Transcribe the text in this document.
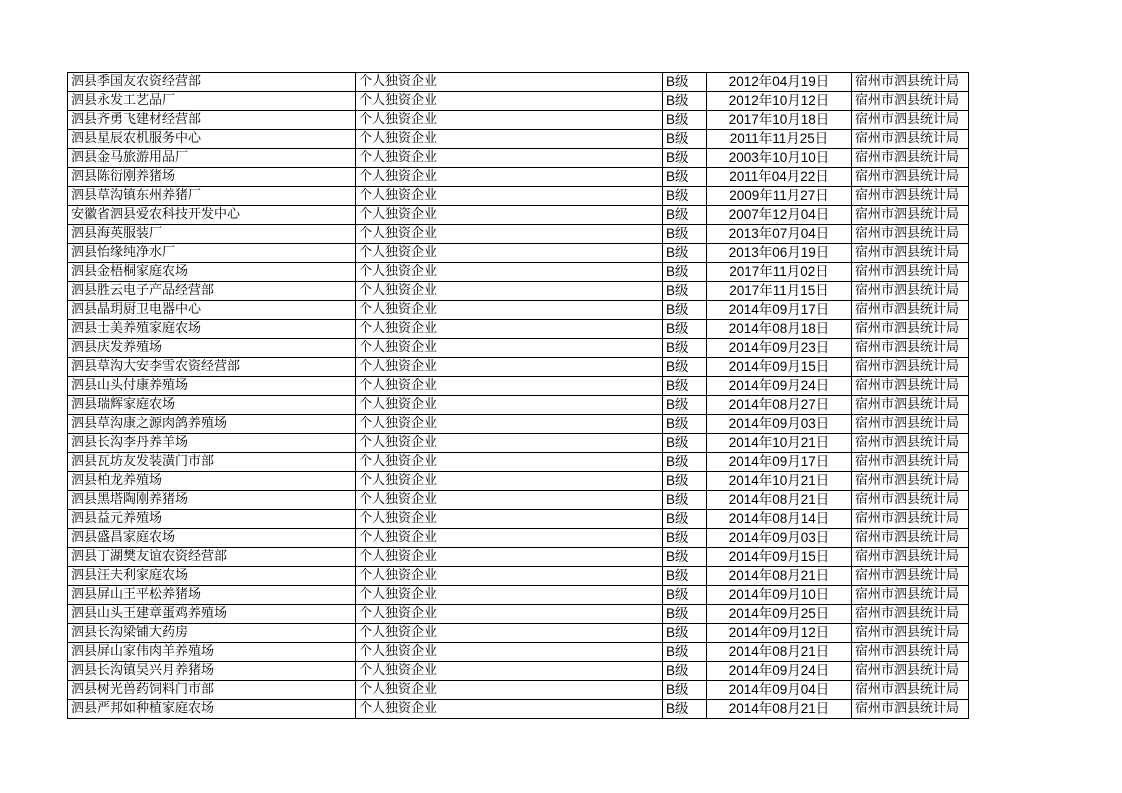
泗县季国友农资经营部	个人独资企业	B级	2012年04月19日	宿州市泗县统计局
泗县永发工艺品厂	个人独资企业	B级	2012年10月12日	宿州市泗县统计局
泗县齐勇飞建材经营部	个人独资企业	B级	2017年10月18日	宿州市泗县统计局
泗县星辰农机服务中心	个人独资企业	B级	2011年11月25日	宿州市泗县统计局
泗县金马旅游用品厂	个人独资企业	B级	2003年10月10日	宿州市泗县统计局
泗县陈衍刚养猪场	个人独资企业	B级	2011年04月22日	宿州市泗县统计局
泗县草沟镇东州养猪厂	个人独资企业	B级	2009年11月27日	宿州市泗县统计局
安徽省泗县爱农科技开发中心	个人独资企业	B级	2007年12月04日	宿州市泗县统计局
泗县海英服装厂	个人独资企业	B级	2013年07月04日	宿州市泗县统计局
泗县怡缘纯净水厂	个人独资企业	B级	2013年06月19日	宿州市泗县统计局
泗县金梧桐家庭农场	个人独资企业	B级	2017年11月02日	宿州市泗县统计局
泗县胜云电子产品经营部	个人独资企业	B级	2017年11月15日	宿州市泗县统计局
泗县晶玥厨卫电器中心	个人独资企业	B级	2014年09月17日	宿州市泗县统计局
泗县士美养殖家庭农场	个人独资企业	B级	2014年08月18日	宿州市泗县统计局
泗县庆发养殖场	个人独资企业	B级	2014年09月23日	宿州市泗县统计局
泗县草沟大安李雪农资经营部	个人独资企业	B级	2014年09月15日	宿州市泗县统计局
泗县山头付康养殖场	个人独资企业	B级	2014年09月24日	宿州市泗县统计局
泗县瑞辉家庭农场	个人独资企业	B级	2014年08月27日	宿州市泗县统计局
泗县草沟康之源肉鸽养殖场	个人独资企业	B级	2014年09月03日	宿州市泗县统计局
泗县长沟李丹养羊场	个人独资企业	B级	2014年10月21日	宿州市泗县统计局
泗县瓦坊友发装潢门市部	个人独资企业	B级	2014年09月17日	宿州市泗县统计局
泗县柏龙养殖场	个人独资企业	B级	2014年10月21日	宿州市泗县统计局
泗县黑塔陶刚养猪场	个人独资企业	B级	2014年08月21日	宿州市泗县统计局
泗县益元养殖场	个人独资企业	B级	2014年08月14日	宿州市泗县统计局
泗县盛昌家庭农场	个人独资企业	B级	2014年09月03日	宿州市泗县统计局
泗县丁湖樊友谊农资经营部	个人独资企业	B级	2014年09月15日	宿州市泗县统计局
泗县汪夫利家庭农场	个人独资企业	B级	2014年08月21日	宿州市泗县统计局
泗县屏山王平松养猪场	个人独资企业	B级	2014年09月10日	宿州市泗县统计局
泗县山头王建章蛋鸡养殖场	个人独资企业	B级	2014年09月25日	宿州市泗县统计局
泗县长沟梁铺大药房	个人独资企业	B级	2014年09月12日	宿州市泗县统计局
泗县屏山家伟肉羊养殖场	个人独资企业	B级	2014年08月21日	宿州市泗县统计局
泗县长沟镇吴兴月养猪场	个人独资企业	B级	2014年09月24日	宿州市泗县统计局
泗县树光兽药饲料门市部	个人独资企业	B级	2014年09月04日	宿州市泗县统计局
泗县严邦如种植家庭农场	个人独资企业	B级	2014年08月21日	宿州市泗县统计局
